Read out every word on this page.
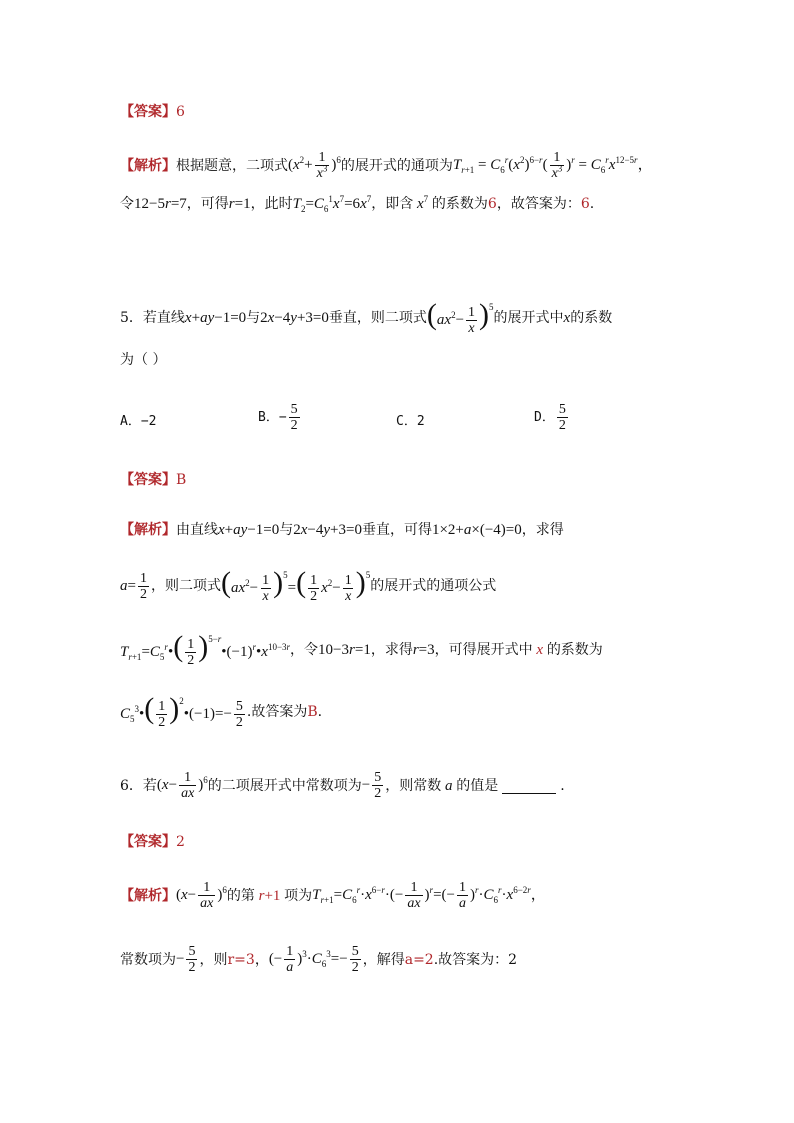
【答案】 6
【解析】 根据题意，二项式 $(x^2+ \frac{1}{x^3} )^6$ 的展开式的通项为 $T_{r+1} = C_6^r(x^2)^{6-r}( \frac{1}{x^3} )^r = C_6^rx^{12-5r}$，
令 12−5r=7 ，可得 r=1 ，此时 $T_2=C_6^1x^7=6x^7$ ，即含 $x^7$ 的系数为 6 ，故答案为： 6 .
5． 若直线 x+ay−1=0 与 2x−4y+3=0 垂直，则二项式 $(ax^2- \frac{1}{x} )^5$
的展开式中 x 的系数
为（ ）
A． −2	B． − $\frac{5}{2}$	C． 2	D． $\frac{5}{2}$
【答案】 B
【解析】 由直线 x+ay−1=0 与 2x−4y+3=0 垂直，可得 1×2+a×(−4)=0 ，求得
$a= \frac{1}{2}$ ，则二项式 $(ax^2- \frac{1}{x} )^5=( \frac{1}{2} x^2- \frac{1}{x} )^5$
的展开式的通项公式
$T_{r+1}=C_5^r•( \frac{1}{2}$ )$^{5-r}•(-1)^r•x^{10-3r}$ ，令 10−3r=1 ，求得 r=3 ，可得展开式中 x 的系数为
$C_5^3•( \frac{1}{2}$ )$^2$•(−1)=− $\frac{5}{2}$ .故答案为 B .
6． 若 $(x- \frac{1}{ax} )^6$ 的二项展开式中常数项为 − $\frac{5}{2}$ ，则常数 a 的值是	.
【答案】 2
【解析】 $(x- \frac{1}{ax} )^6$ 的第 r+1 项为 $T_{r+1}=C_6^r\cdot x^{6-r}\cdot(- \frac{1}{ax} )^r=(- \frac{1}{a} )^r\cdot C_6^r\cdot x^{6-2r}$，
常数项为 − $\frac{5}{2}$ ，则 r=3 ， (− $\frac{1}{a} )^3\cdot C_6^3=- \frac{5}{2}$ ，解得 a=2 .故答案为： 2
